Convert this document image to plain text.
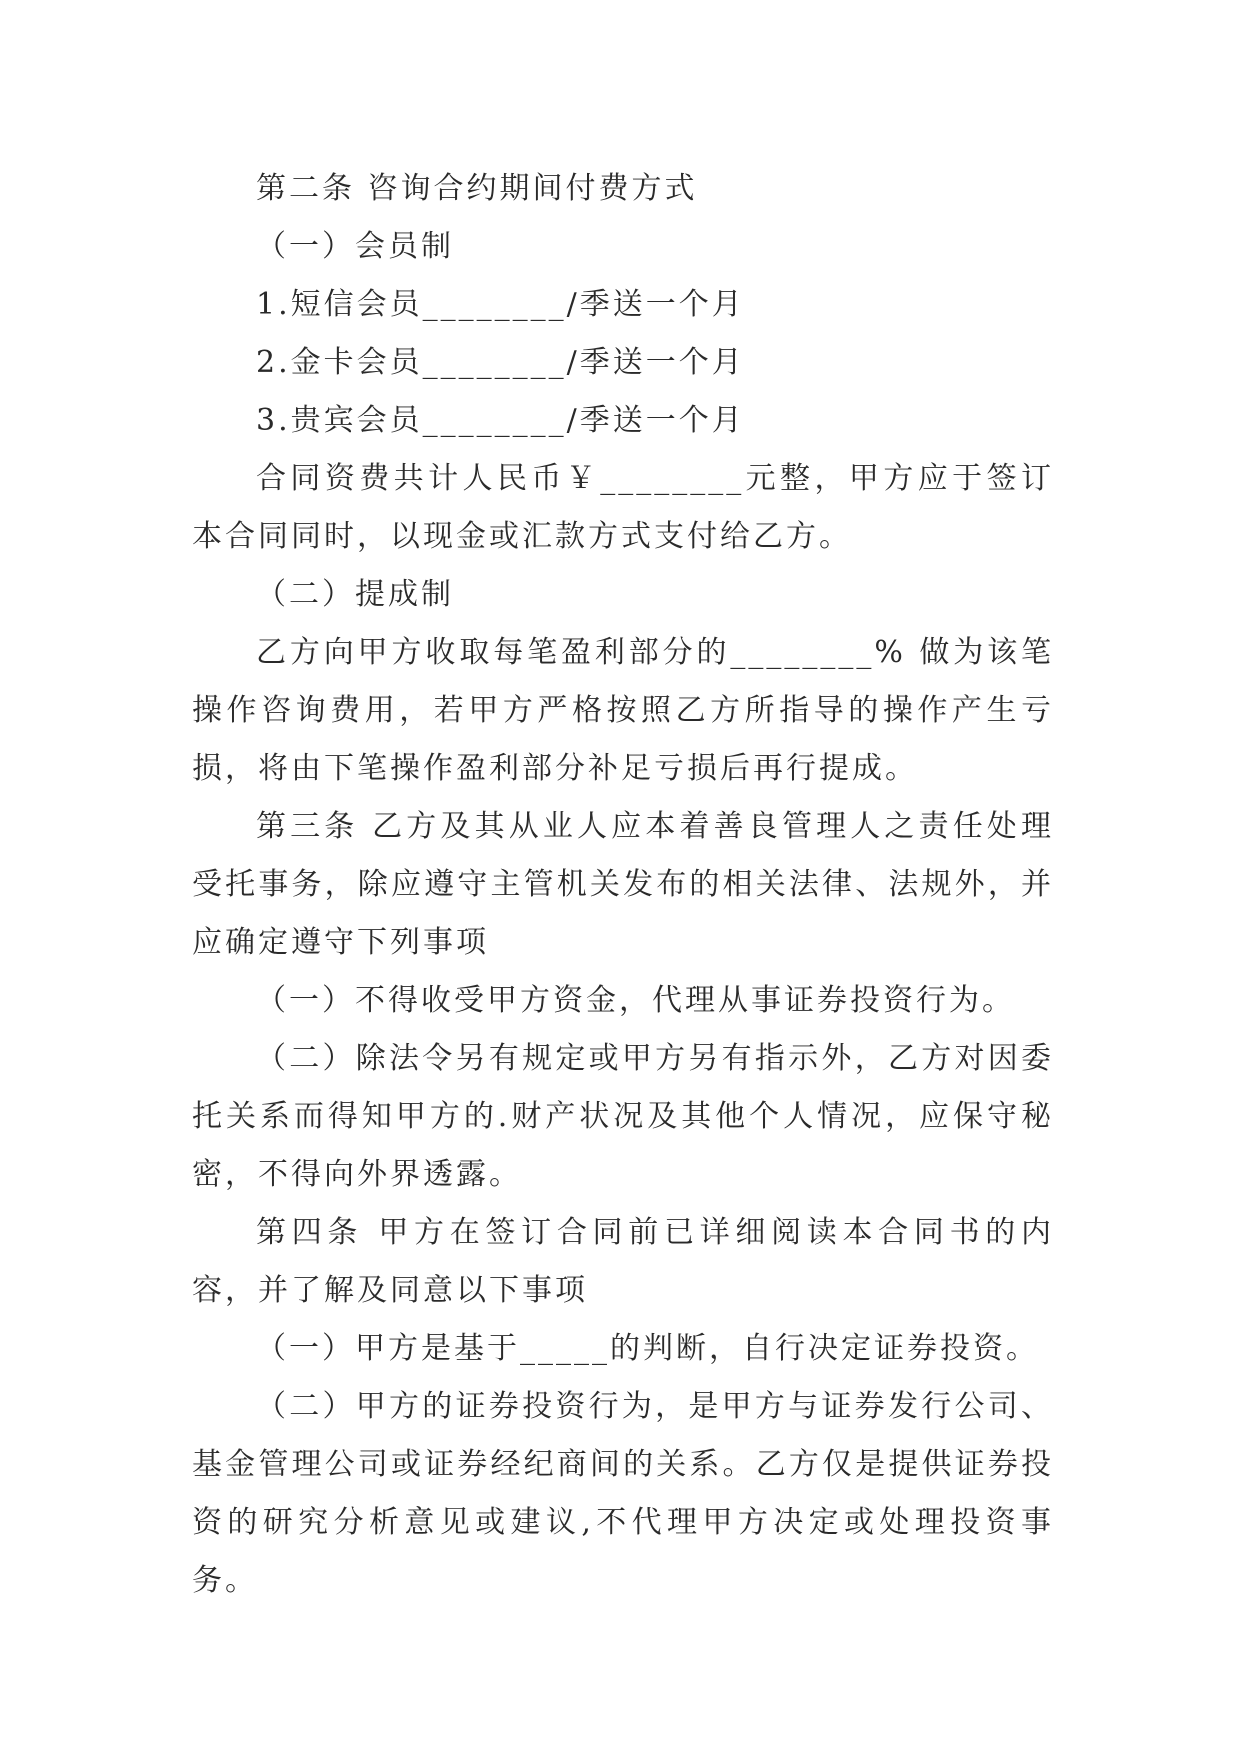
第二条 咨询合约期间付费方式

（一）会员制

1.短信会员________/季送一个月

2.金卡会员________/季送一个月

3.贵宾会员________/季送一个月

合同资费共计人民币￥________元整，甲方应于签订本合同同时，以现金或汇款方式支付给乙方。

（二）提成制

乙方向甲方收取每笔盈利部分的________% 做为该笔操作咨询费用，若甲方严格按照乙方所指导的操作产生亏损，将由下笔操作盈利部分补足亏损后再行提成。

第三条 乙方及其从业人应本着善良管理人之责任处理受托事务，除应遵守主管机关发布的相关法律、法规外，并应确定遵守下列事项

（一）不得收受甲方资金，代理从事证券投资行为。

（二）除法令另有规定或甲方另有指示外，乙方对因委托关系而得知甲方的.财产状况及其他个人情况，应保守秘密，不得向外界透露。

第四条 甲方在签订合同前已详细阅读本合同书的内容，并了解及同意以下事项

（一）甲方是基于_____的判断，自行决定证券投资。

（二）甲方的证券投资行为，是甲方与证券发行公司、基金管理公司或证券经纪商间的关系。乙方仅是提供证券投资的研究分析意见或建议,不代理甲方决定或处理投资事务。
